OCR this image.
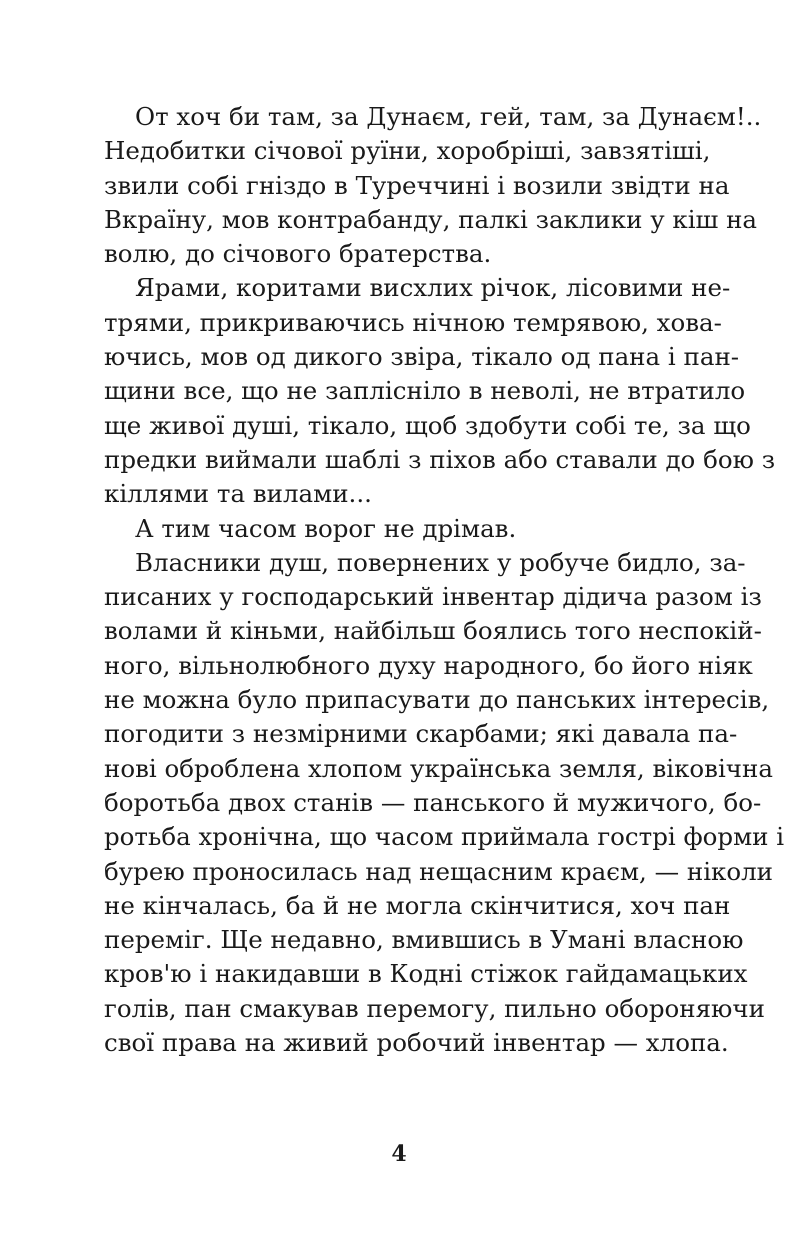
От хоч би там, за Дунаєм, гей, там, за Дунаєм!..
Недобитки січової руїни, хоробріші, завзятіші,
звили собі гніздо в Туреччині і возили звідти на
Вкраїну, мов контрабанду, палкі заклики у кіш на
волю, до січового братерства.
Ярами, коритами висхлих річок, лісовими не-
трями, прикриваючись нічною темрявою, хова-
ючись, мов од дикого звіра, тікало од пана і пан-
щини все, що не заплісніло в неволі, не втратило
ще живої душі, тікало, щоб здобути собі те, за що
предки виймали шаблі з піхов або ставали до бою з
кіллями та вилами...
А тим часом ворог не дрімав.
Власники душ, повернених у робуче бидло, за-
писаних у господарський інвентар дідича разом із
волами й кіньми, найбільш боялись того неспокій-
ного, вільнолюбного духу народного, бо його ніяк
не можна було припасувати до панських інтересів,
погодити з незмірними скарбами; які давала па-
нові оброблена хлопом українська земля, віковічна
боротьба двох станів — панського й мужичого, бо-
ротьба хронічна, що часом приймала гострі форми і
бурею проносилась над нещасним краєм, — ніколи
не кінчалась, ба й не могла скінчитися, хоч пан
переміг. Ще недавно, вмившись в Умані власною
кров'ю і накидавши в Кодні стіжок гайдамацьких
голів, пан смакував перемогу, пильно обороняючи
свої права на живий робочий інвентар — хлопа.
4
